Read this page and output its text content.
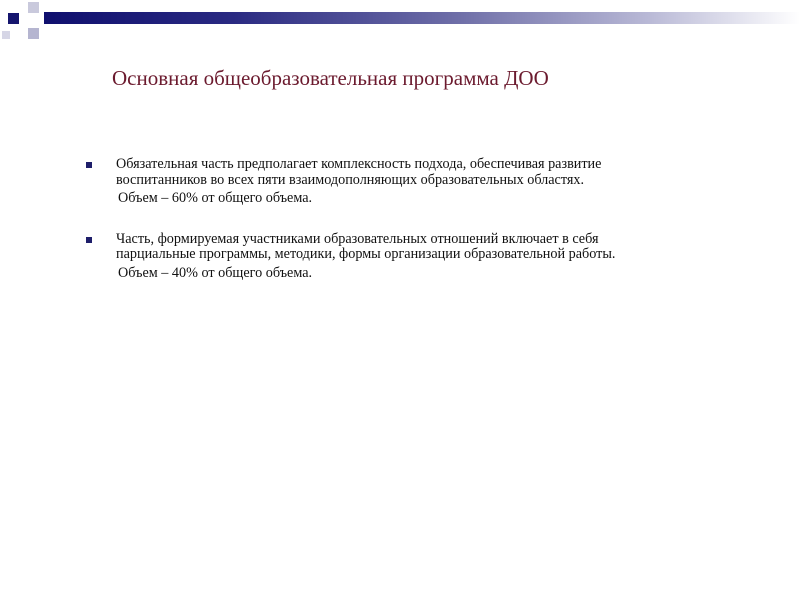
Основная общеобразовательная программа ДОО
Обязательная часть предполагает комплексность подхода, обеспечивая развитие воспитанников во всех пяти взаимодополняющих образовательных областях.
Объем – 60% от общего объема.
Часть, формируемая участниками образовательных отношений включает в себя парциальные программы, методики, формы организации образовательной работы.
Объем – 40% от общего объема.
